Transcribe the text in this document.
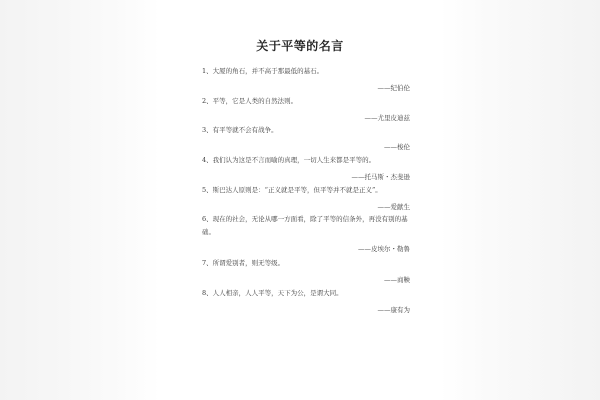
关于平等的名言
1、大厦的角石，并不高于那最低的基石。
——纪伯伦
2、平等，它是人类的自然法则。
——尤里皮迪兹
3、有平等就不会有战争。
——梭伦
4、我们认为这是不言而喻的真理，一切人生来都是平等的。
——托马斯・杰斐逊
5、斯巴达人原则是：“正义就是平等，但平等并不就是正义”。
——爱献生
6、现在的社会，无论从哪一方面看，除了平等的信条外，再没有别的基础。
——皮埃尔・勒鲁
7、所谓爱别者，则无等级。
——商鞅
8、人人相亲，人人平等，天下为公，是谓大同。
——康有为
